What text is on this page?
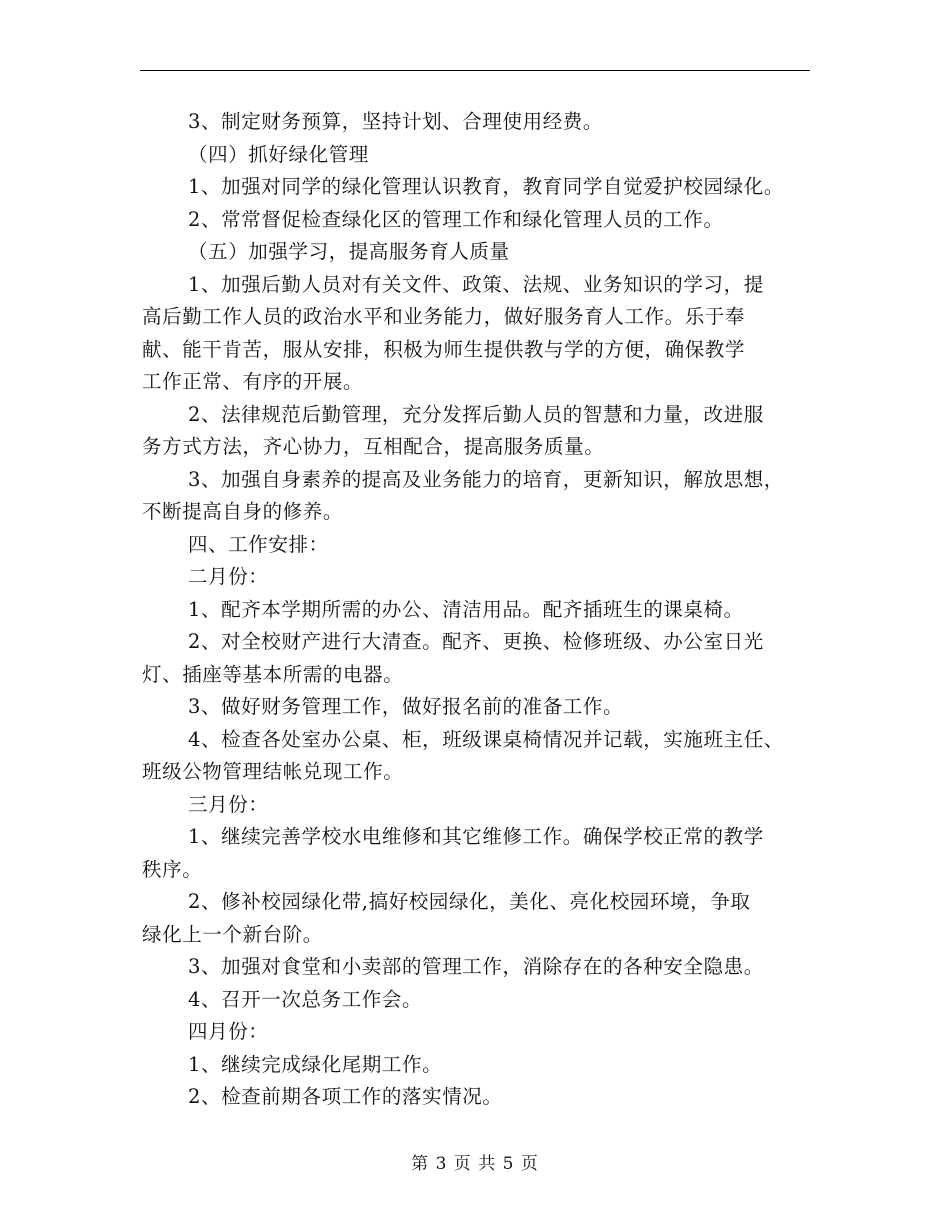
3、制定财务预算，坚持计划、合理使用经费。
（四）抓好绿化管理
1、加强对同学的绿化管理认识教育，教育同学自觉爱护校园绿化。
2、常常督促检查绿化区的管理工作和绿化管理人员的工作。
（五）加强学习，提高服务育人质量
1、加强后勤人员对有关文件、政策、法规、业务知识的学习，提
高后勤工作人员的政治水平和业务能力，做好服务育人工作。乐于奉
献、能干肯苦，服从安排，积极为师生提供教与学的方便，确保教学
工作正常、有序的开展。
2、法律规范后勤管理，充分发挥后勤人员的智慧和力量，改进服
务方式方法，齐心协力，互相配合，提高服务质量。
3、加强自身素养的提高及业务能力的培育，更新知识，解放思想，
不断提高自身的修养。
四、工作安排：
二月份：
1、配齐本学期所需的办公、清洁用品。配齐插班生的课桌椅。
2、对全校财产进行大清查。配齐、更换、检修班级、办公室日光
灯、插座等基本所需的电器。
3、做好财务管理工作，做好报名前的准备工作。
4、检查各处室办公桌、柜，班级课桌椅情况并记载，实施班主任、
班级公物管理结帐兑现工作。
三月份：
1、继续完善学校水电维修和其它维修工作。确保学校正常的教学
秩序。
2、修补校园绿化带,搞好校园绿化，美化、亮化校园环境，争取
绿化上一个新台阶。
3、加强对食堂和小卖部的管理工作，消除存在的各种安全隐患。
4、召开一次总务工作会。
四月份：
1、继续完成绿化尾期工作。
2、检查前期各项工作的落实情况。
第 3 页 共 5 页
